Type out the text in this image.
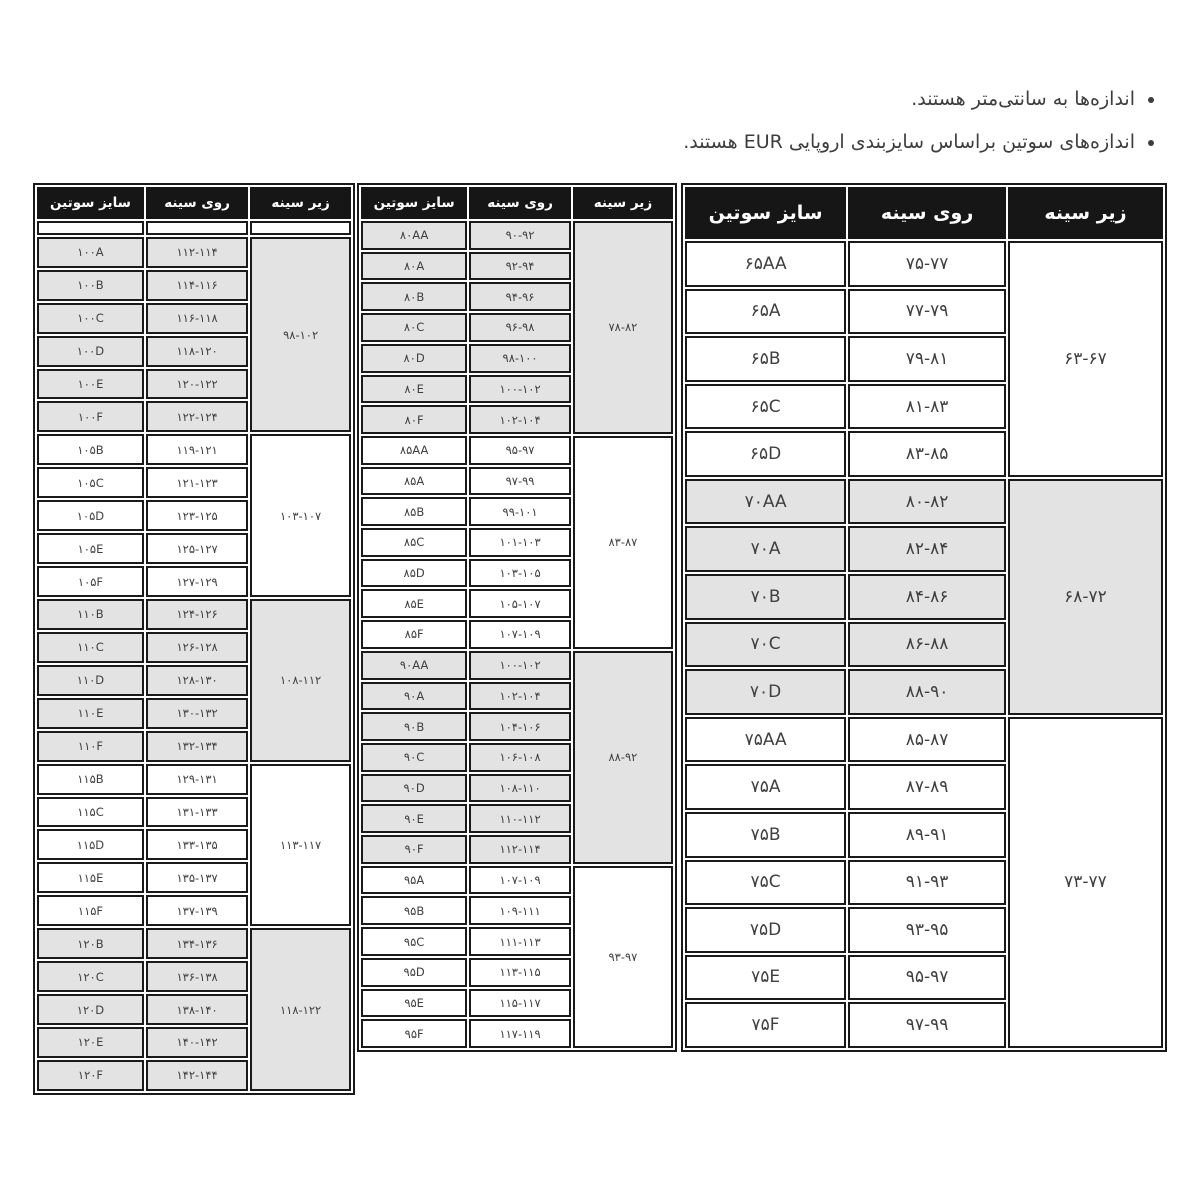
اندازه‌ها به سانتی‌متر هستند.
اندازه‌های سوتین براساس سایزبندی اروپایی EUR هستند.
سایز سوتین	روی سینه	زیر سینه
۶۵AA	۷۵-۷۷	۶۳-۶۷
۶۵A	۷۷-۷۹	
۶۵B	۷۹-۸۱	
۶۵C	۸۱-۸۳	
۶۵D	۸۳-۸۵	
۷۰AA	۸۰-۸۲	۶۸-۷۲
۷۰A	۸۲-۸۴	
۷۰B	۸۴-۸۶	
۷۰C	۸۶-۸۸	
۷۰D	۸۸-۹۰	
۷۵AA	۸۵-۸۷	۷۳-۷۷
۷۵A	۸۷-۸۹	
۷۵B	۸۹-۹۱	
۷۵C	۹۱-۹۳	
۷۵D	۹۳-۹۵	
۷۵E	۹۵-۹۷	
۷۵F	۹۷-۹۹	
سایز سوتین	روی سینه	زیر سینه
۸۰AA	۹۰-۹۲	۷۸-۸۲
۸۰A	۹۲-۹۴	
۸۰B	۹۴-۹۶	
۸۰C	۹۶-۹۸	
۸۰D	۹۸-۱۰۰	
۸۰E	۱۰۰-۱۰۲	
۸۰F	۱۰۲-۱۰۴	
۸۵AA	۹۵-۹۷	۸۳-۸۷
۸۵A	۹۷-۹۹	
۸۵B	۹۹-۱۰۱	
۸۵C	۱۰۱-۱۰۳	
۸۵D	۱۰۳-۱۰۵	
۸۵E	۱۰۵-۱۰۷	
۸۵F	۱۰۷-۱۰۹	
۹۰AA	۱۰۰-۱۰۲	۸۸-۹۲
۹۰A	۱۰۲-۱۰۴	
۹۰B	۱۰۴-۱۰۶	
۹۰C	۱۰۶-۱۰۸	
۹۰D	۱۰۸-۱۱۰	
۹۰E	۱۱۰-۱۱۲	
۹۰F	۱۱۲-۱۱۴	
۹۵A	۱۰۷-۱۰۹	۹۳-۹۷
۹۵B	۱۰۹-۱۱۱	
۹۵C	۱۱۱-۱۱۳	
۹۵D	۱۱۳-۱۱۵	
۹۵E	۱۱۵-۱۱۷	
۹۵F	۱۱۷-۱۱۹	
سایز سوتین	روی سینه	زیر سینه

۱۰۰A	۱۱۲-۱۱۴	۹۸-۱۰۲
۱۰۰B	۱۱۴-۱۱۶	
۱۰۰C	۱۱۶-۱۱۸	
۱۰۰D	۱۱۸-۱۲۰	
۱۰۰E	۱۲۰-۱۲۲	
۱۰۰F	۱۲۲-۱۲۴	
۱۰۵B	۱۱۹-۱۲۱	۱۰۳-۱۰۷
۱۰۵C	۱۲۱-۱۲۳	
۱۰۵D	۱۲۳-۱۲۵	
۱۰۵E	۱۲۵-۱۲۷	
۱۰۵F	۱۲۷-۱۲۹	
۱۱۰B	۱۲۴-۱۲۶	۱۰۸-۱۱۲
۱۱۰C	۱۲۶-۱۲۸	
۱۱۰D	۱۲۸-۱۳۰	
۱۱۰E	۱۳۰-۱۳۲	
۱۱۰F	۱۳۲-۱۳۴	
۱۱۵B	۱۲۹-۱۳۱	۱۱۳-۱۱۷
۱۱۵C	۱۳۱-۱۳۳	
۱۱۵D	۱۳۳-۱۳۵	
۱۱۵E	۱۳۵-۱۳۷	
۱۱۵F	۱۳۷-۱۳۹	
۱۲۰B	۱۳۴-۱۳۶	۱۱۸-۱۲۲
۱۲۰C	۱۳۶-۱۳۸	
۱۲۰D	۱۳۸-۱۴۰	
۱۲۰E	۱۴۰-۱۴۲	
۱۲۰F	۱۴۲-۱۴۴	
